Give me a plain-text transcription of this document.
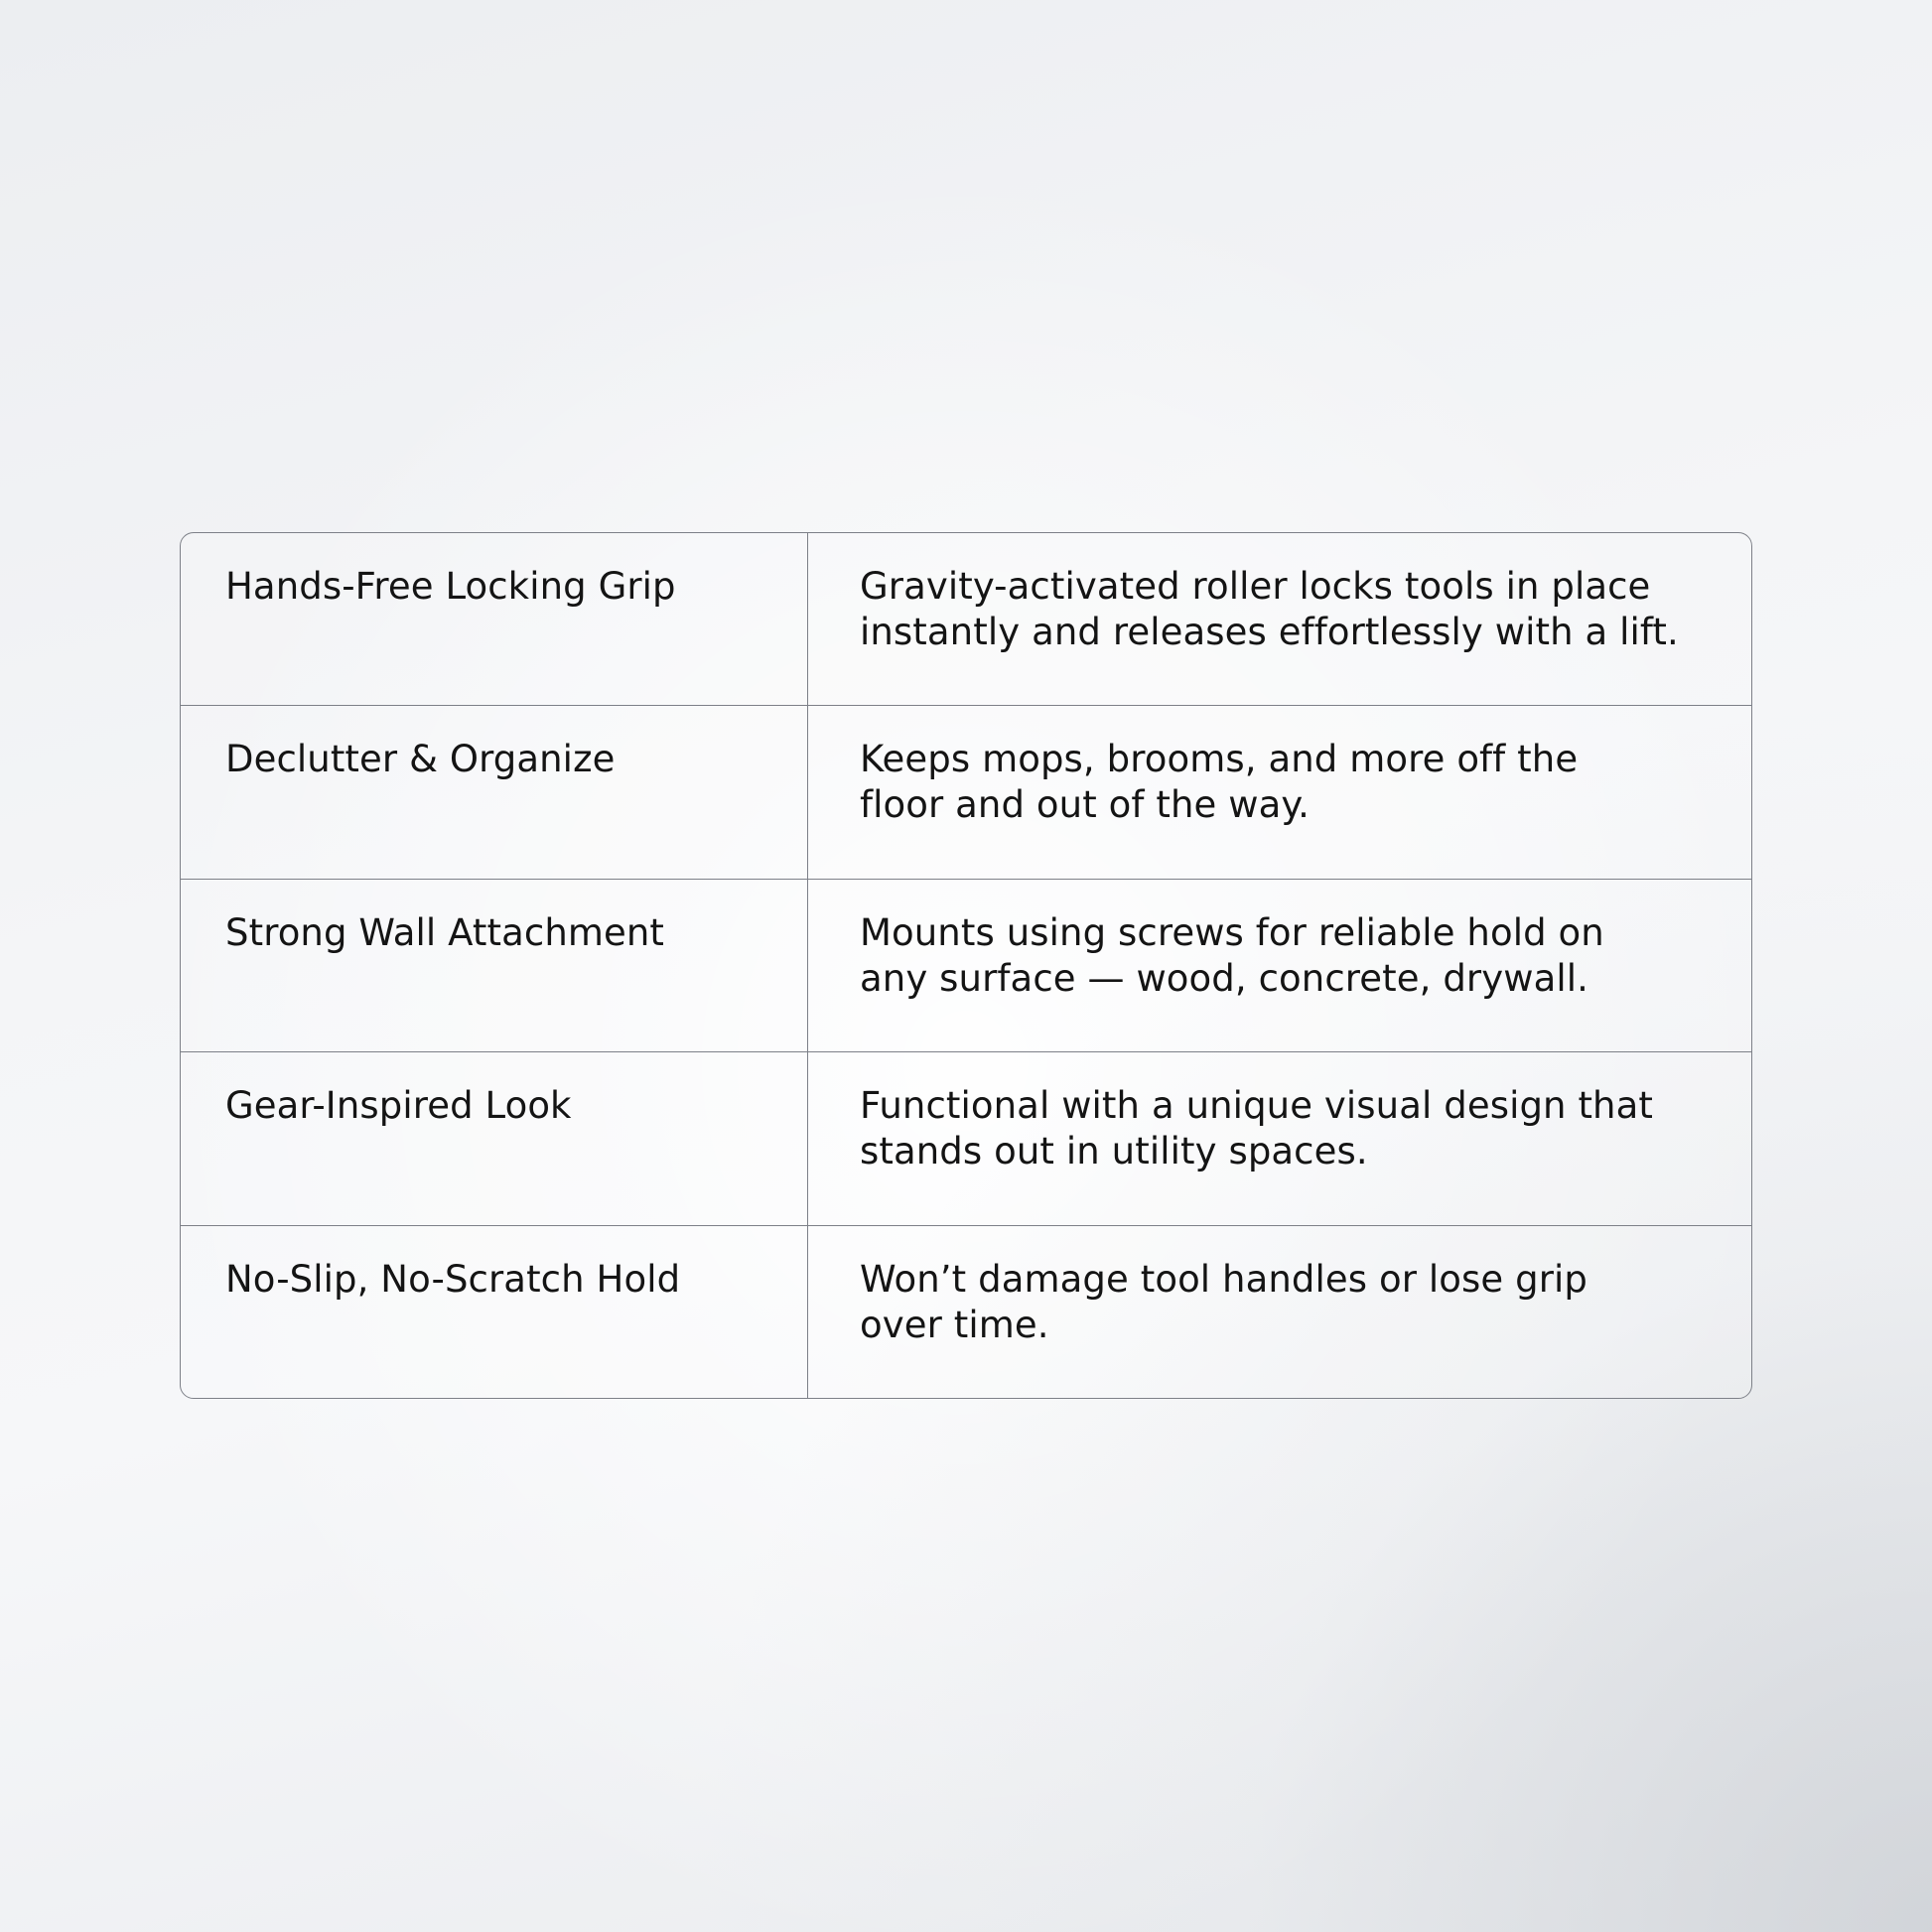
Hands-Free Locking Grip	Gravity-activated roller locks tools in place
instantly and releases effortlessly with a lift.
Declutter & Organize	Keeps mops, brooms, and more off the
floor and out of the way.
Strong Wall Attachment	Mounts using screws for reliable hold on
any surface — wood, concrete, drywall.
Gear-Inspired Look	Functional with a unique visual design that
stands out in utility spaces.
No-Slip, No-Scratch Hold	Won’t damage tool handles or lose grip
over time.
